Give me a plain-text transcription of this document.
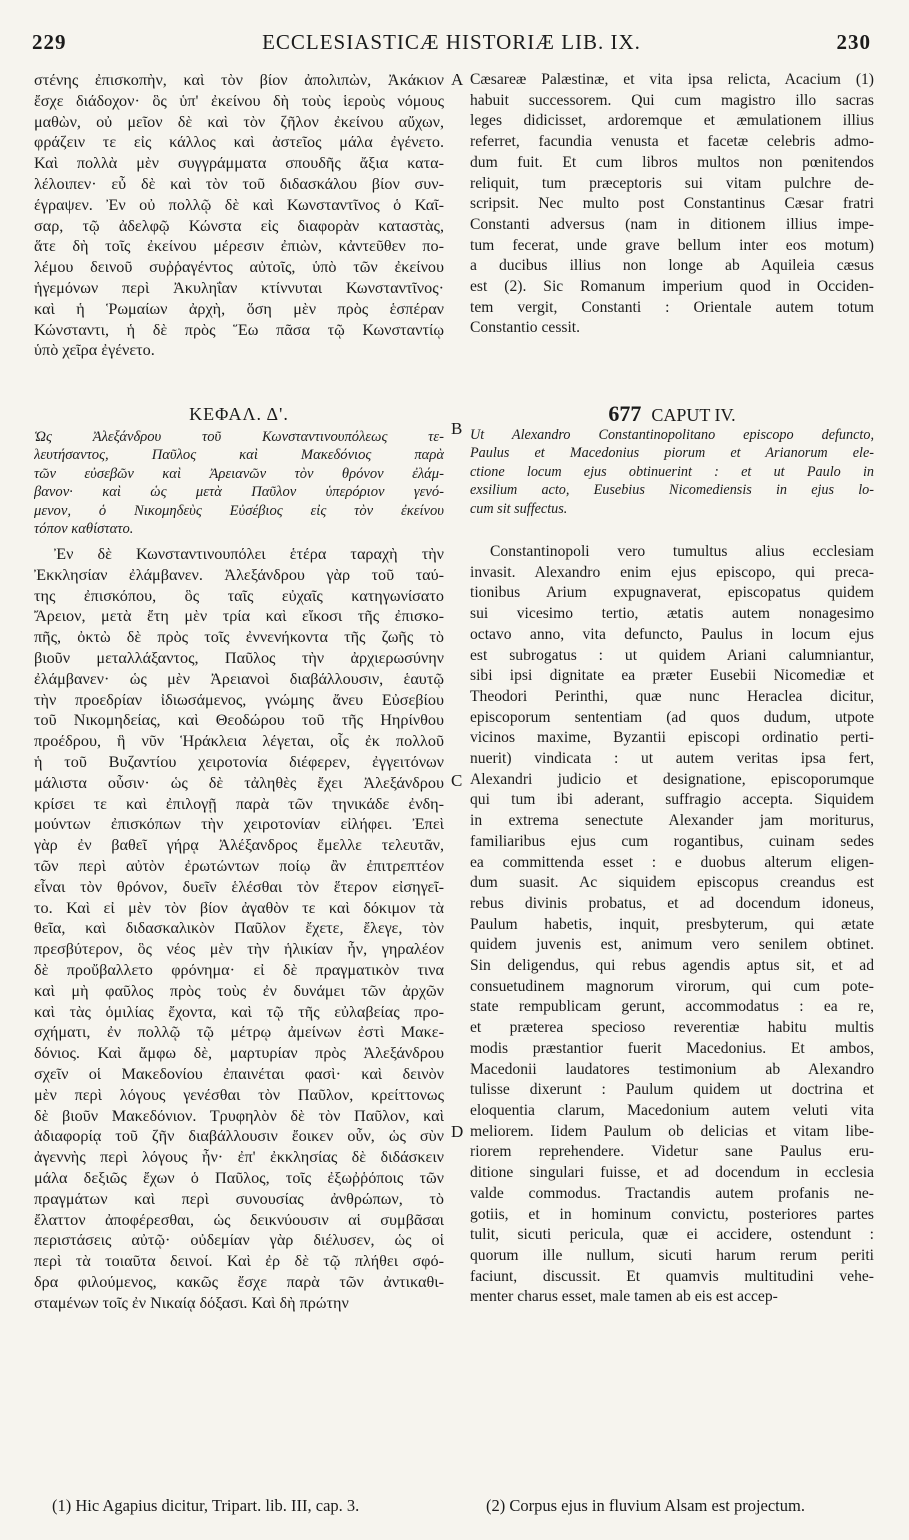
229	ECCLESIASTICÆ HISTORIÆ LIB. IX.	230
στένης ἐπισκοπὴν, καὶ τὸν βίον ἀπολιπὼν, Ἀκάκιον
ἔσχε διάδοχον· ὃς ὑπ' ἐκείνου δὴ τοὺς ἱεροὺς νόμους
μαθὼν, οὐ μεῖον δὲ καὶ τὸν ζῆλον ἐκείνου αὔχων,
φράζειν τε εἰς κάλλος καὶ ἀστεῖος μάλα ἐγένετο.
Καὶ πολλὰ μὲν συγγράμματα σπουδῆς ἄξια κατα-
λέλοιπεν· εὖ δὲ καὶ τὸν τοῦ διδασκάλου βίον συν-
έγραψεν. Ἐν οὐ πολλῷ δὲ καὶ Κωνσταντῖνος ὁ Καῖ-
σαρ, τῷ ἀδελφῷ Κώνστα εἰς διαφορὰν καταστὰς,
ἅτε δὴ τοῖς ἐκείνου μέρεσιν ἐπιὼν, κἀντεῦθεν πο-
λέμου δεινοῦ συῤῥαγέντος αὐτοῖς, ὑπὸ τῶν ἐκείνου
ἡγεμόνων περὶ Ἀκυληΐαν κτίννυται Κωνσταντῖνος·
καὶ ἡ Ῥωμαίων ἀρχὴ, ὅση μὲν πρὸς ἑσπέραν
Κώνσταντι, ἡ δὲ πρὸς Ἕω πᾶσα τῷ Κωνσταντίῳ
ὑπὸ χεῖρα ἐγένετο.
ΚΕΦΑΛ. Δ'.
Ὡς Ἀλεξάνδρου τοῦ Κωνσταντινουπόλεως τε-
λευτήσαντος, Παῦλος καὶ Μακεδόνιος παρὰ
τῶν εὐσεβῶν καὶ Ἀρειανῶν τὸν θρόνον ἐλάμ-
βανον· καὶ ὡς μετὰ Παῦλον ὑπερόριον γενό-
μενον, ὁ Νικομηδεὺς Εὐσέβιος εἰς τὸν ἐκείνου
τόπον καθίστατο.
Ἐν δὲ Κωνσταντινουπόλει ἑτέρα ταραχὴ τὴν
Ἐκκλησίαν ἐλάμβανεν. Ἀλεξάνδρου γὰρ τοῦ ταύ-
της ἐπισκόπου, ὃς ταῖς εὐχαῖς κατηγωνίσατο
Ἄρειον, μετὰ ἔτη μὲν τρία καὶ εἴκοσι τῆς ἐπισκο-
πῆς, ὀκτὼ δὲ πρὸς τοῖς ἐννενήκοντα τῆς ζωῆς τὸ
βιοῦν μεταλλάξαντος, Παῦλος τὴν ἀρχιερωσύνην
ἐλάμβανεν· ὡς μὲν Ἀρειανοὶ διαβάλλουσιν, ἑαυτῷ
τὴν προεδρίαν ἰδιωσάμενος, γνώμης ἄνευ Εὐσεβίου
τοῦ Νικομηδείας, καὶ Θεοδώρου τοῦ τῆς Ηηρίνθου
προέδρου, ἣ νῦν Ἡράκλεια λέγεται, οἷς ἐκ πολλοῦ
ἡ τοῦ Βυζαντίου χειροτονία διέφερεν, ἐγγειτόνων
μάλιστα οὖσιν· ὡς δὲ τἀληθὲς ἔχει Ἀλεξάνδρου
κρίσει τε καὶ ἐπιλογῇ παρὰ τῶν τηνικάδε ἐνδη-
μούντων ἐπισκόπων τὴν χειροτονίαν εἰλήφει. Ἐπεὶ
γὰρ ἐν βαθεῖ γήρᾳ Ἀλέξανδρος ἔμελλε τελευτᾶν,
τῶν περὶ αὐτὸν ἐρωτώντων ποίῳ ἂν ἐπιτρεπτέον
εἶναι τὸν θρόνον, δυεῖν ἑλέσθαι τὸν ἕτερον εἰσηγεῖ-
το. Καὶ εἰ μὲν τὸν βίον ἀγαθὸν τε καὶ δόκιμον τὰ
θεῖα, καὶ διδασκαλικὸν Παῦλον ἔχετε, ἔλεγε, τὸν
πρεσβύτερον, ὃς νέος μὲν τὴν ἡλικίαν ἦν, γηραλέον
δὲ προὔβαλλετο φρόνημα· εἰ δὲ πραγματικὸν τινα
καὶ μὴ φαῦλος πρὸς τοὺς ἐν δυνάμει τῶν ἀρχῶν
καὶ τὰς ὁμιλίας ἔχοντα, καὶ τῷ τῆς εὐλαβείας προ-
σχήματι, ἐν πολλῷ τῷ μέτρῳ ἀμείνων ἐστὶ Μακε-
δόνιος. Καὶ ἄμφω δὲ, μαρτυρίαν πρὸς Ἀλεξάνδρου
σχεῖν οἱ Μακεδονίου ἐπαινέται φασὶ· καὶ δεινὸν
μὲν περὶ λόγους γενέσθαι τὸν Παῦλον, κρείττονως
δὲ βιοῦν Μακεδόνιον. Τρυφηλὸν δὲ τὸν Παῦλον, καὶ
ἀδιαφορίᾳ τοῦ ζῆν διαβάλλουσιν ἔοικεν οὖν, ὡς σὺν
ἀγεννὴς περὶ λόγους ἦν· ἐπ' ἐκκλησίας δὲ διδάσκειν
μάλα δεξιῶς ἔχων ὁ Παῦλος, τοῖς ἐξωῤῥόποις τῶν
πραγμάτων καὶ περὶ συνουσίας ἀνθρώπων, τὸ
ἔλαττον ἀποφέρεσθαι, ὡς δεικνύουσιν αἱ συμβᾶσαι
περιστάσεις αὐτῷ· οὐδεμίαν γὰρ διέλυσεν, ὡς οἱ
περὶ τὰ τοιαῦτα δεινοί. Καὶ ἐρ δὲ τῷ πλήθει σφό-
δρα φιλούμενος, κακῶς ἔσχε παρὰ τῶν ἀντικαθι-
σταμένων τοῖς ἐν Νικαίᾳ δόξασι. Καὶ δὴ πρώτην
Cæsareæ Palæstinæ, et vita ipsa relicta, Acacium (1)
habuit successorem. Qui cum magistro illo sacras
leges didicisset, ardoremque et æmulationem illius
referret, facundia venusta et facetæ celebris admo-
dum fuit. Et cum libros multos non pœnitendos
reliquit, tum præceptoris sui vitam pulchre de-
scripsit. Nec multo post Constantinus Cæsar fratri
Constanti adversus (nam in ditionem illius impe-
tum fecerat, unde grave bellum inter eos motum)
a ducibus illius non longe ab Aquileia cæsus
est (2). Sic Romanum imperium quod in Occiden-
tem vergit, Constanti : Orientale autem totum
Constantio cessit.
677 CAPUT IV.
Ut Alexandro Constantinopolitano episcopo defuncto,
Paulus et Macedonius piorum et Arianorum ele-
ctione locum ejus obtinuerint : et ut Paulo in
exsilium acto, Eusebius Nicomediensis in ejus lo-
cum sit suffectus.
Constantinopoli vero tumultus alius ecclesiam
invasit. Alexandro enim ejus episcopo, qui preca-
tionibus Arium expugnaverat, episcopatus quidem
sui vicesimo tertio, ætatis autem nonagesimo
octavo anno, vita defuncto, Paulus in locum ejus
est subrogatus : ut quidem Ariani calumniantur,
sibi ipsi dignitate ea præter Eusebii Nicomediæ et
Theodori Perinthi, quæ nunc Heraclea dicitur,
episcoporum sententiam (ad quos dudum, utpote
vicinos maxime, Byzantii episcopi ordinatio perti-
nuerit) vindicata : ut autem veritas ipsa fert,
Alexandri judicio et designatione, episcoporumque
qui tum ibi aderant, suffragio accepta. Siquidem
in extrema senectute Alexander jam moriturus,
familiaribus ejus cum rogantibus, cuinam sedes
ea committenda esset : e duobus alterum eligen-
dum suasit. Ac siquidem episcopus creandus est
rebus divinis probatus, et ad docendum idoneus,
Paulum habetis, inquit, presbyterum, qui ætate
quidem juvenis est, animum vero senilem obtinet.
Sin deligendus, qui rebus agendis aptus sit, et ad
consuetudinem magnorum virorum, qui cum pote-
state rempublicam gerunt, accommodatus : ea re,
et præterea specioso reverentiæ habitu multis
modis præstantior fuerit Macedonius. Et ambos,
Macedonii laudatores testimonium ab Alexandro
tulisse dixerunt : Paulum quidem ut doctrina et
eloquentia clarum, Macedonium autem veluti vita
meliorem. Iidem Paulum ob delicias et vitam libe-
riorem reprehendere. Videtur sane Paulus eru-
ditione singulari fuisse, et ad docendum in ecclesia
valde commodus. Tractandis autem profanis ne-
gotiis, et in hominum convictu, posteriores partes
tulit, sicuti pericula, quæ ei accidere, ostendunt :
quorum ille nullum, sicuti harum rerum periti
faciunt, discussit. Et quamvis multitudini vehe-
menter charus esset, male tamen ab eis est accep-
A
B
C
D
(1) Hic Agapius dicitur, Tripart. lib. III, cap. 3.	(2) Corpus ejus in fluvium Alsam est projectum.
